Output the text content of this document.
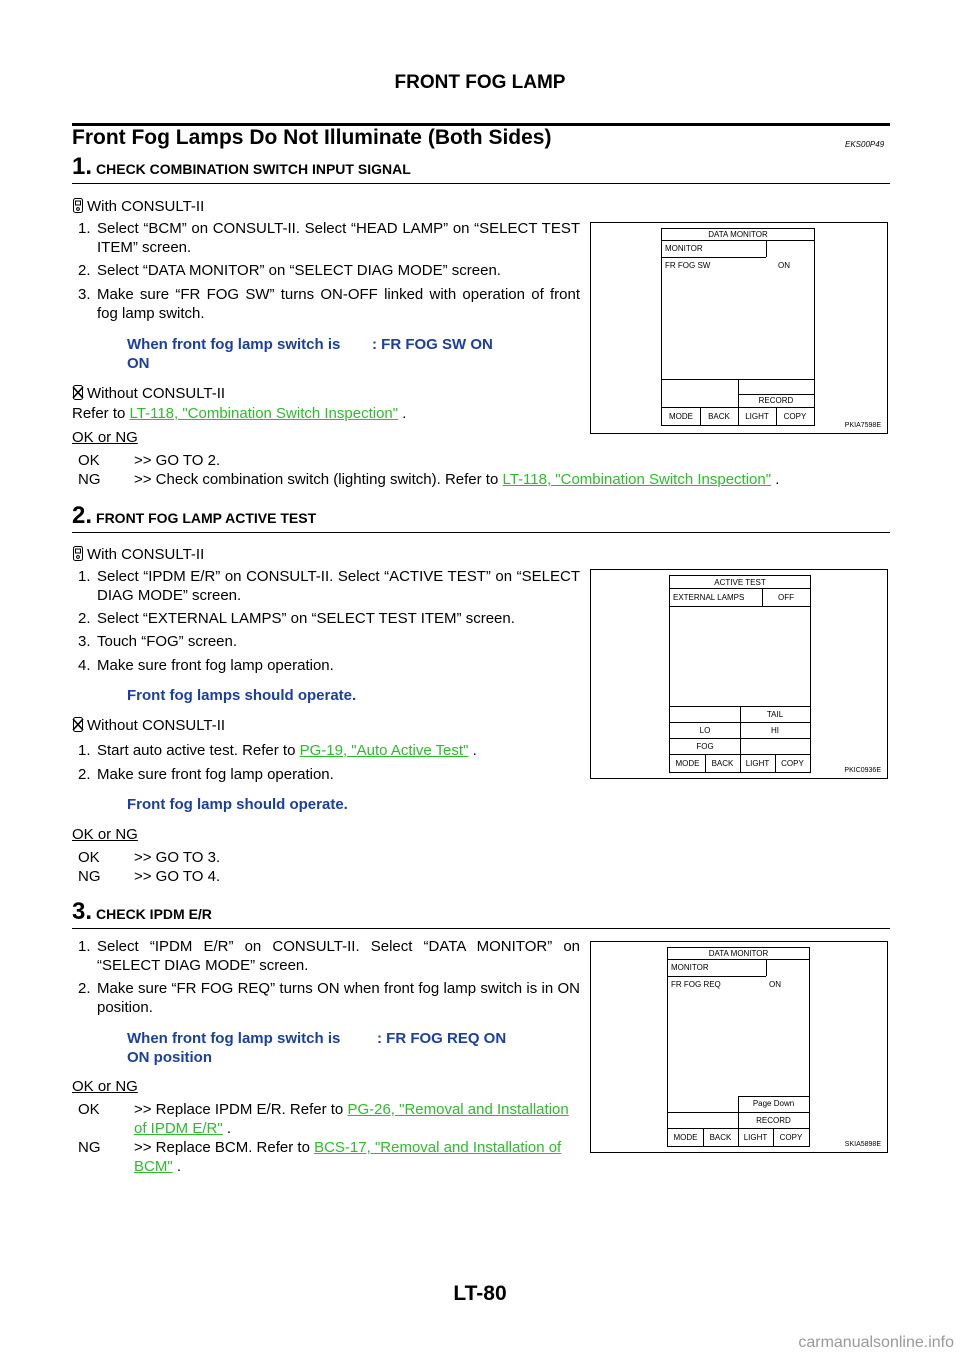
FRONT FOG LAMP
Front Fog Lamps Do Not Illuminate (Both Sides)	EKS00P49
1. CHECK COMBINATION SWITCH INPUT SIGNAL
With CONSULT-II
1. Select “BCM” on CONSULT-II. Select “HEAD LAMP” on “SELECT TEST ITEM” screen.
2. Select “DATA MONITOR” on “SELECT DIAG MODE” screen.
3. Make sure “FR FOG SW” turns ON-OFF linked with operation of front fog lamp switch.
When front fog lamp switch is ON
: FR FOG SW ON
Without CONSULT-II
Refer to LT-118, "Combination Switch Inspection" .
OK or NG
OK >> GO TO 2.
NG >> Check combination switch (lighting switch). Refer to LT-118, "Combination Switch Inspection" .
DATA MONITOR
MONITOR
FR FOG SW	ON
RECORD
MODE	BACK	LIGHT	COPY
PKIA7598E
2. FRONT FOG LAMP ACTIVE TEST
With CONSULT-II
1. Select “IPDM E/R” on CONSULT-II. Select “ACTIVE TEST” on “SELECT DIAG MODE” screen.
2. Select “EXTERNAL LAMPS” on “SELECT TEST ITEM” screen.
3. Touch “FOG” screen.
4. Make sure front fog lamp operation.
Front fog lamps should operate.
Without CONSULT-II
1. Start auto active test. Refer to PG-19, "Auto Active Test" .
2. Make sure front fog lamp operation.
Front fog lamp should operate.
OK or NG
OK >> GO TO 3.
NG >> GO TO 4.
ACTIVE TEST
EXTERNAL LAMPS	OFF
TAIL
LO	HI
FOG
MODE	BACK	LIGHT	COPY
PKIC0936E
3. CHECK IPDM E/R
1. Select “IPDM E/R” on CONSULT-II. Select “DATA MONITOR” on “SELECT DIAG MODE” screen.
2. Make sure “FR FOG REQ” turns ON when front fog lamp switch is in ON position.
When front fog lamp switch is ON position
: FR FOG REQ ON
OK or NG
OK >> Replace IPDM E/R. Refer to PG-26, "Removal and Installation of IPDM E/R" .
NG >> Replace BCM. Refer to BCS-17, "Removal and Installation of BCM" .
DATA MONITOR
MONITOR
FR FOG REQ	ON
Page Down
RECORD
MODE	BACK	LIGHT	COPY
SKIA5898E
LT-80
carmanualsonline.info
